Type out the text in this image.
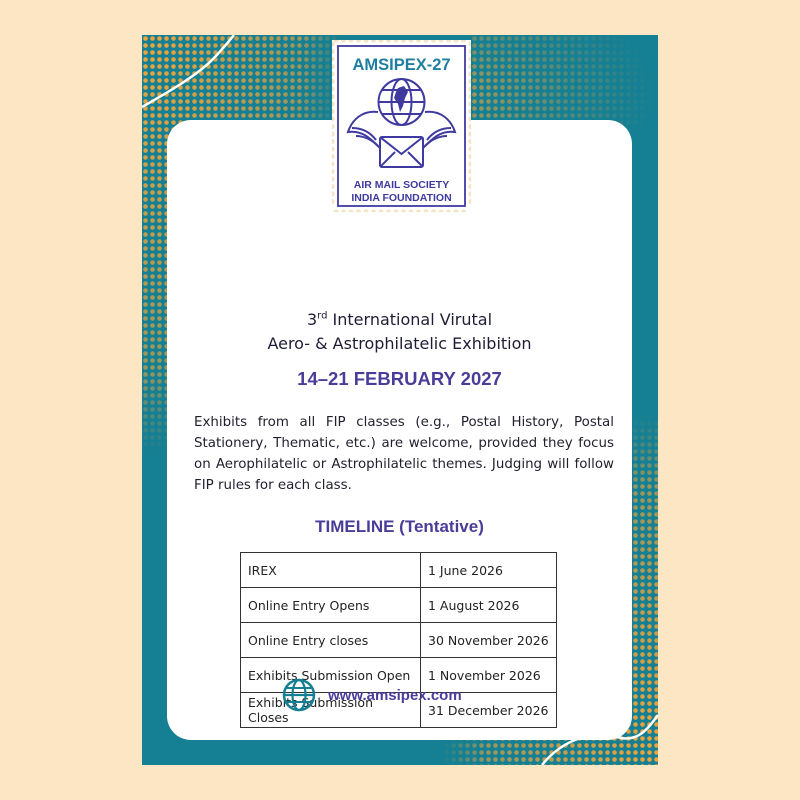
3rd International Virutal
Aero- & Astrophilatelic Exhibition
14–21 FEBRUARY 2027
Exhibits from all FIP classes (e.g., Postal History, Postal Stationery, Thematic, etc.) are welcome, provided they focus on Aerophilatelic or Astrophilatelic themes. Judging will follow FIP rules for each class.
TIMELINE (Tentative)
IREX	1 June 2026
Online Entry Opens	1 August 2026
Online Entry closes	30 November 2026
Exhibits Submission Open	1 November 2026
Exhibits Submission Closes	31 December 2026
www.amsipex.com
AMSIPEX-27
AIR MAIL SOCIETY
INDIA FOUNDATION
